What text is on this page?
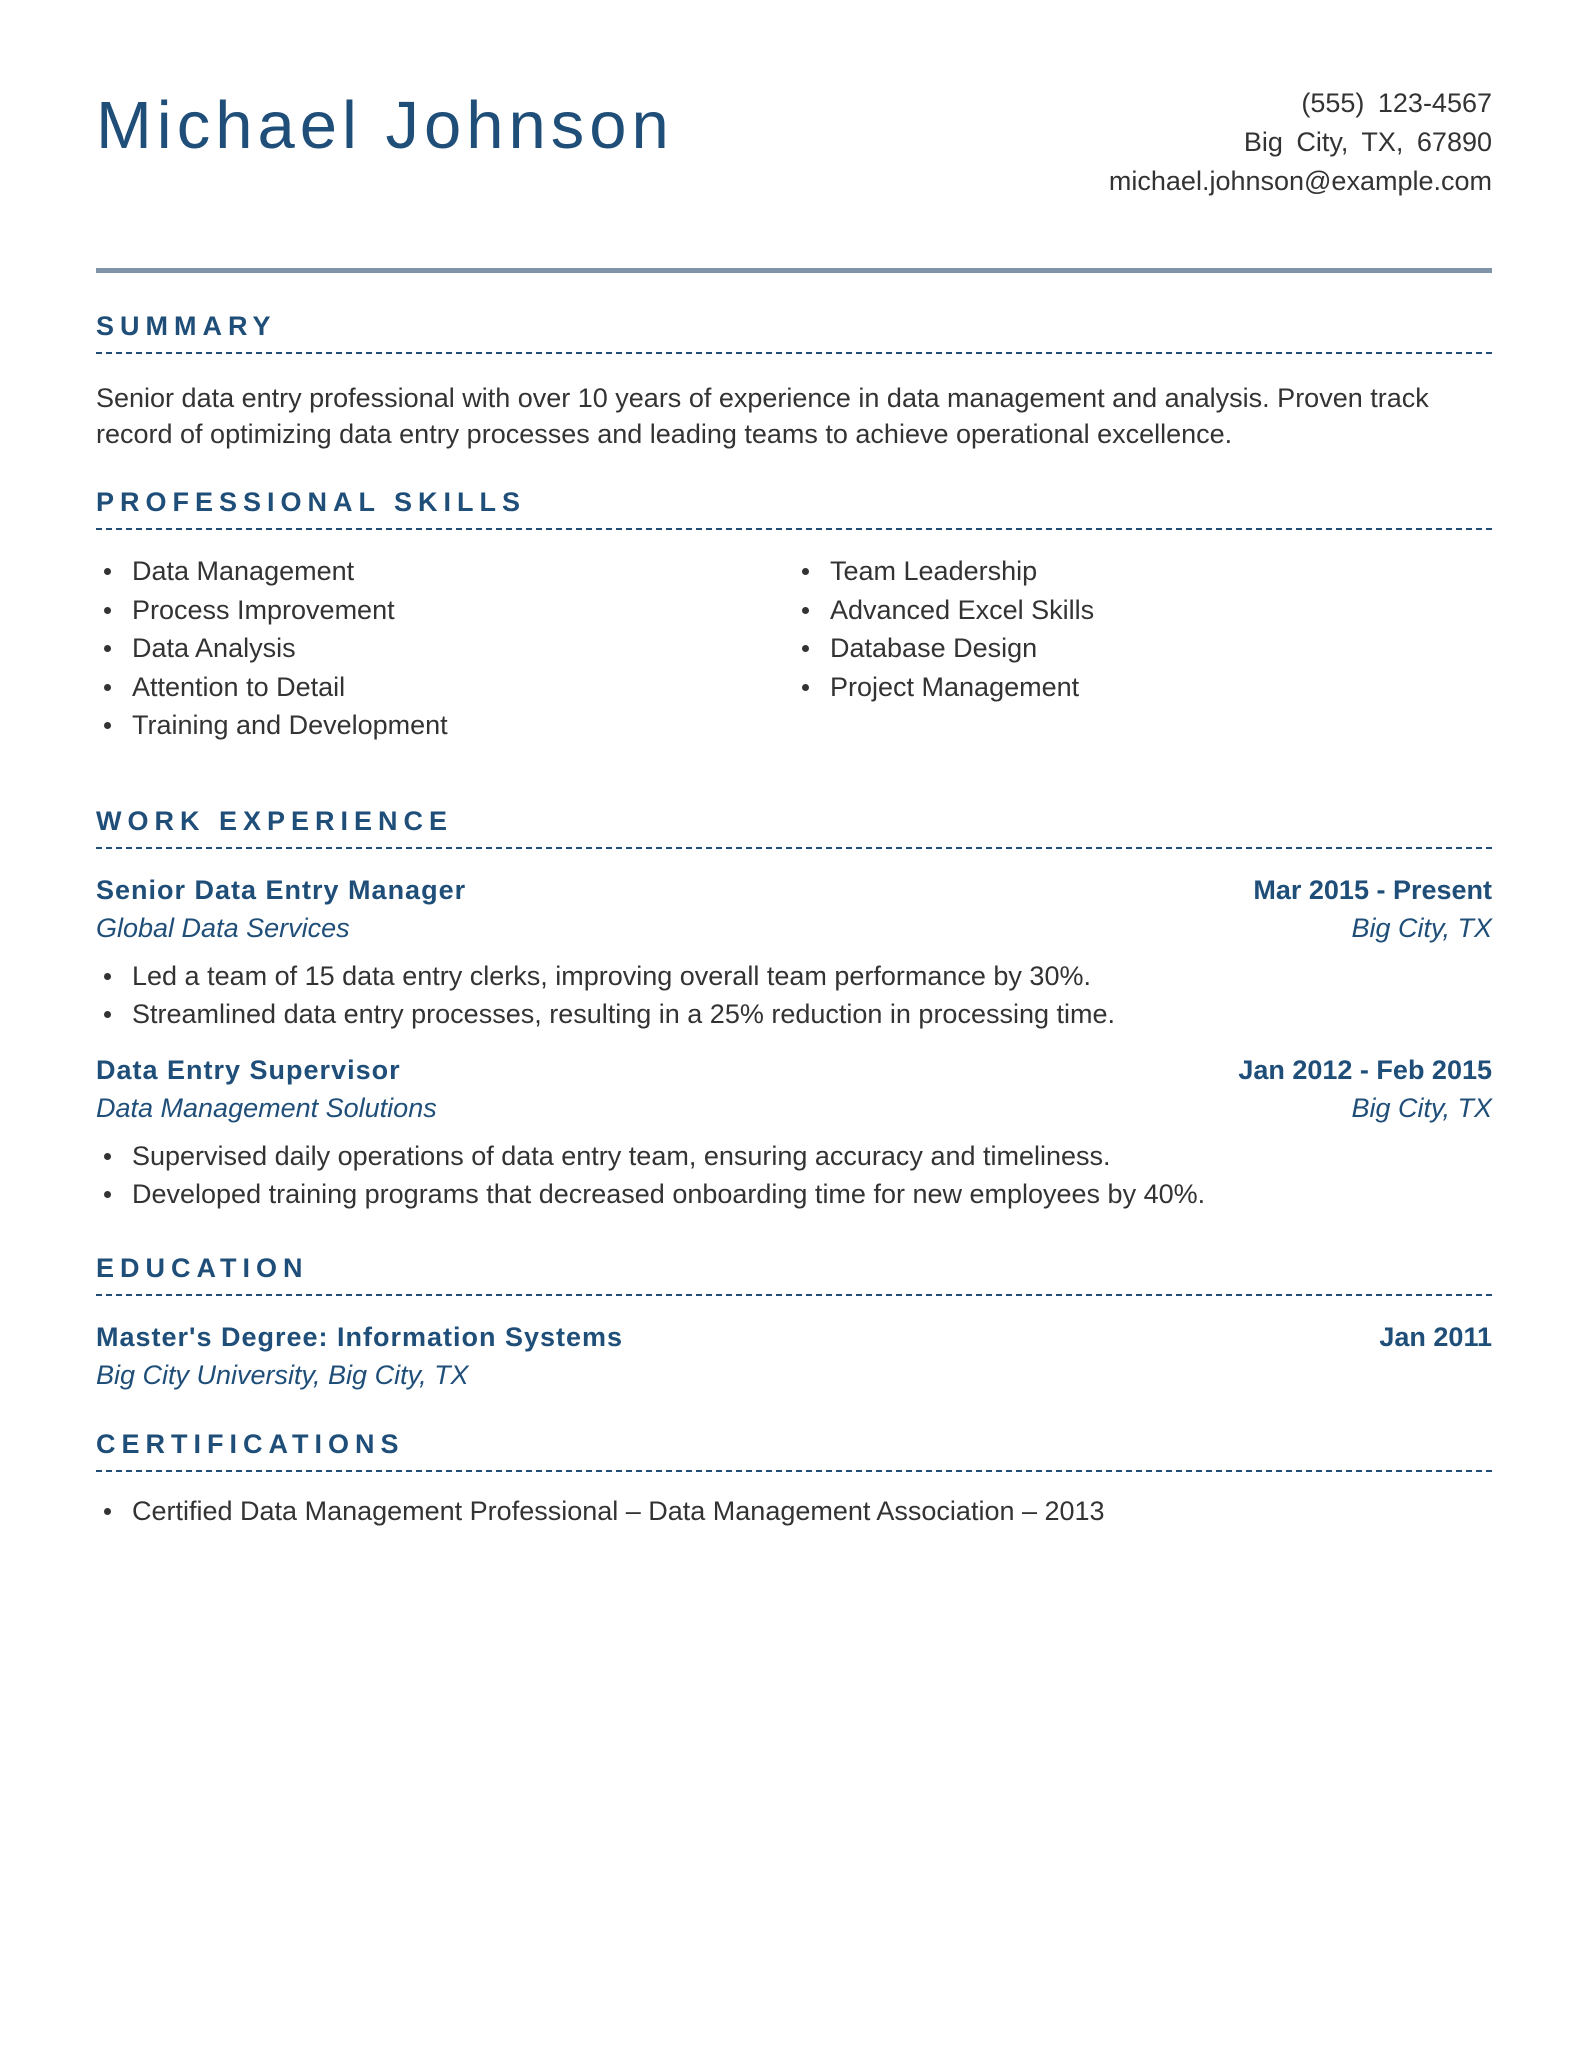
Michael Johnson	(555) 123-4567
Big City, TX, 67890
michael.johnson@example.com
SUMMARY

Senior data entry professional with over 10 years of experience in data management and analysis. Proven track record of optimizing data entry processes and leading teams to achieve operational excellence.

PROFESSIONAL SKILLS
Data Management
Process Improvement
Data Analysis
Attention to Detail
Training and Development
Team Leadership
Advanced Excel Skills
Database Design
Project Management
WORK EXPERIENCE
Senior Data Entry Manager	Mar 2015 - Present
Global Data Services	Big City, TX
Led a team of 15 data entry clerks, improving overall team performance by 30%.
Streamlined data entry processes, resulting in a 25% reduction in processing time.
Data Entry Supervisor	Jan 2012 - Feb 2015
Data Management Solutions	Big City, TX
Supervised daily operations of data entry team, ensuring accuracy and timeliness.
Developed training programs that decreased onboarding time for new employees by 40%.
EDUCATION
Master's Degree: Information Systems	Jan 2011
Big City University, Big City, TX
CERTIFICATIONS
Certified Data Management Professional – Data Management Association – 2013
